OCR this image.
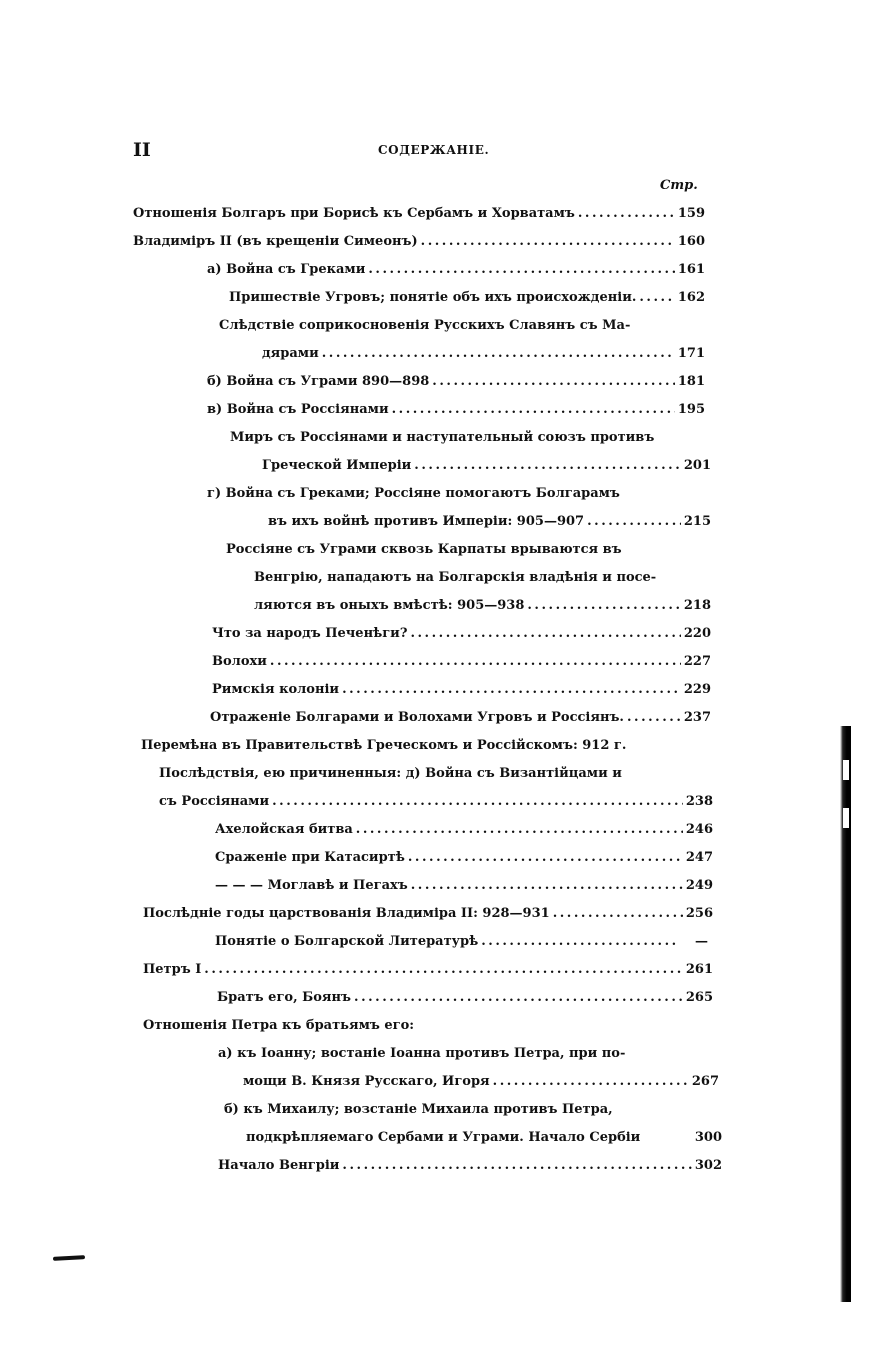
II	СОДЕРЖАНІЕ.
Стр.
Отношенія Болгаръ при Борисѣ къ Сербамъ и Хорватамъ . . .	159
Владиміръ II (въ крещеніи Симеонъ) . . .	160
а) Война съ Греками . . .	161
Пришествіе Угровъ; понятіе объ ихъ происхожденіи. . . .	162
Слѣдствіе соприкосновенія Русскихъ Славянъ съ Ма-
дярами . . .	171
б) Война съ Уграми 890—898 . . .	181
в) Война съ Россіянами . . .	195
Миръ съ Россіянами и наступательный союзъ противъ
Греческой Имперіи . . .	201
г) Война съ Греками; Россіяне помогаютъ Болгарамъ
въ ихъ войнѣ противъ Имперіи: 905—907 . . .	215
Россіяне съ Уграми сквозь Карпаты врываются въ
Венгрію, нападаютъ на Болгарскія владѣнія и посе-
ляются въ оныхъ вмѣстѣ: 905—938 . . .	218
Что за народъ Печенѣги? . . .	220
Волохи . . .	227
Римскія колоніи . . .	229
Отраженіе Болгарами и Волохами Угровъ и Россіянъ. . . .	237
Перемѣна въ Правительствѣ Греческомъ и Россійскомъ: 912 г.
Послѣдствія, ею причиненныя: д) Война съ Византійцами и
съ Россіянами . . .	238
Ахелойская битва . . .	246
Сраженіе при Катасиртѣ . . .	247
— — — Моглавѣ и Пегахъ . . .	249
Послѣдніе годы царствованія Владиміра II: 928—931 . . .	256
Понятіе о Болгарской Литературѣ . . .	—
Петръ I . . .	261
Братъ его, Боянъ . . .	265
Отношенія Петра къ братьямъ его:
а) къ Іоанну; востаніе Іоанна противъ Петра, при по-
мощи В. Князя Русскаго, Игоря . . .	267
б) къ Михаилу; возстаніе Михаила противъ Петра,
подкрѣпляемаго Сербами и Уграми. Начало Сербіи	300
Начало Венгріи . . .	302
